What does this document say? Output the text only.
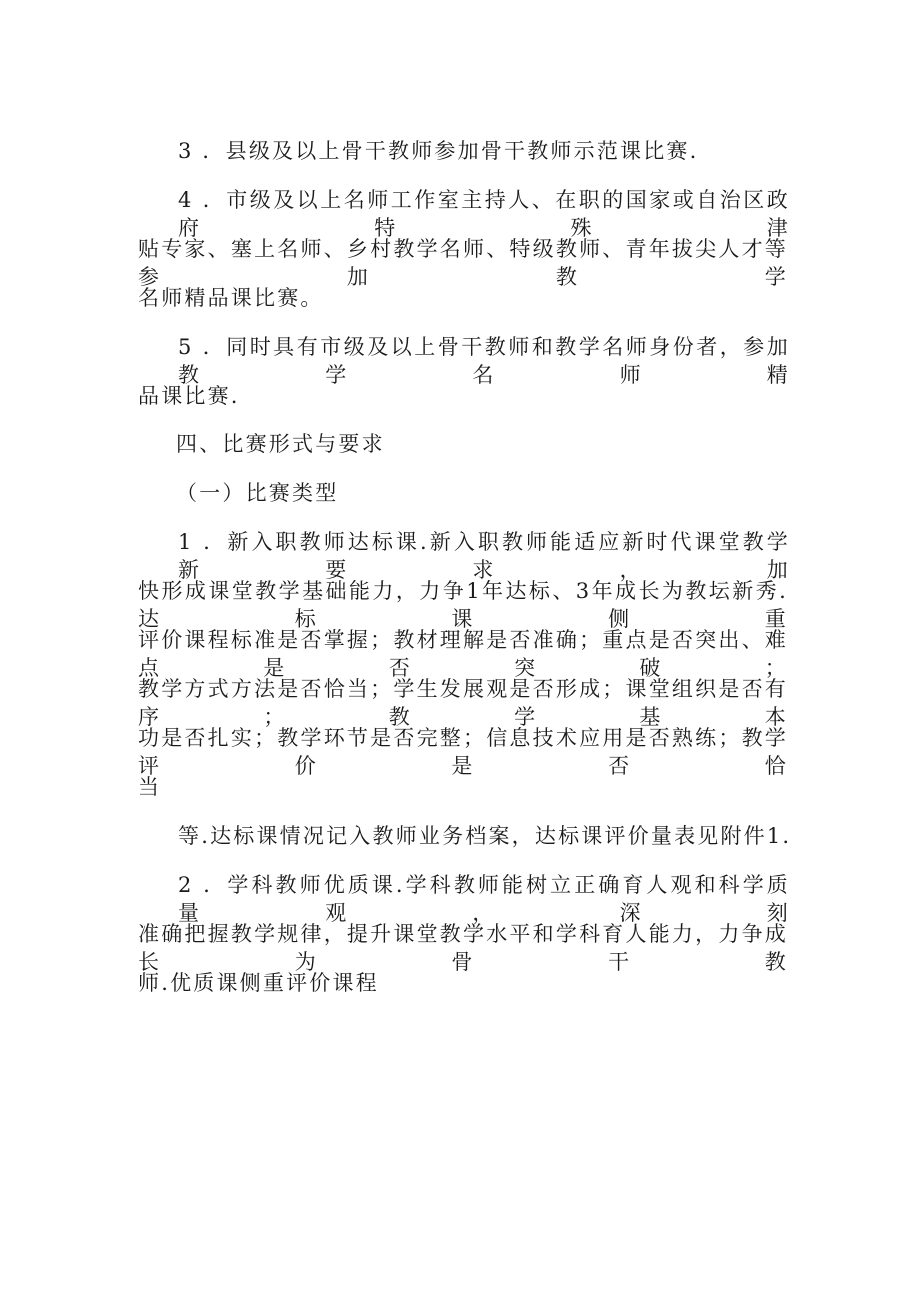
3 ．县级及以上骨干教师参加骨干教师示范课比赛.
4 ．市级及以上名师工作室主持人、在职的国家或自治区政府特殊津
贴专家、塞上名师、乡村教学名师、特级教师、青年拔尖人才等参加教学
名师精品课比赛。
5 ．同时具有市级及以上骨干教师和教学名师身份者，参加教学名师精
品课比赛.
四、比赛形式与要求
（一）比赛类型
1 ．新入职教师达标课.新入职教师能适应新时代课堂教学新要求，加
快形成课堂教学基础能力，力争1年达标、3年成长为教坛新秀.达标课侧重
评价课程标准是否掌握；教材理解是否准确；重点是否突出、难点是否突破；
教学方式方法是否恰当；学生发展观是否形成；课堂组织是否有序；教学基本
功是否扎实；教学环节是否完整；信息技术应用是否熟练；教学评价是否恰
当
等.达标课情况记入教师业务档案，达标课评价量表见附件1.
2 ．学科教师优质课.学科教师能树立正确育人观和科学质量观，深刻
准确把握教学规律，提升课堂教学水平和学科育人能力，力争成长为骨干教
师.优质课侧重评价课程
